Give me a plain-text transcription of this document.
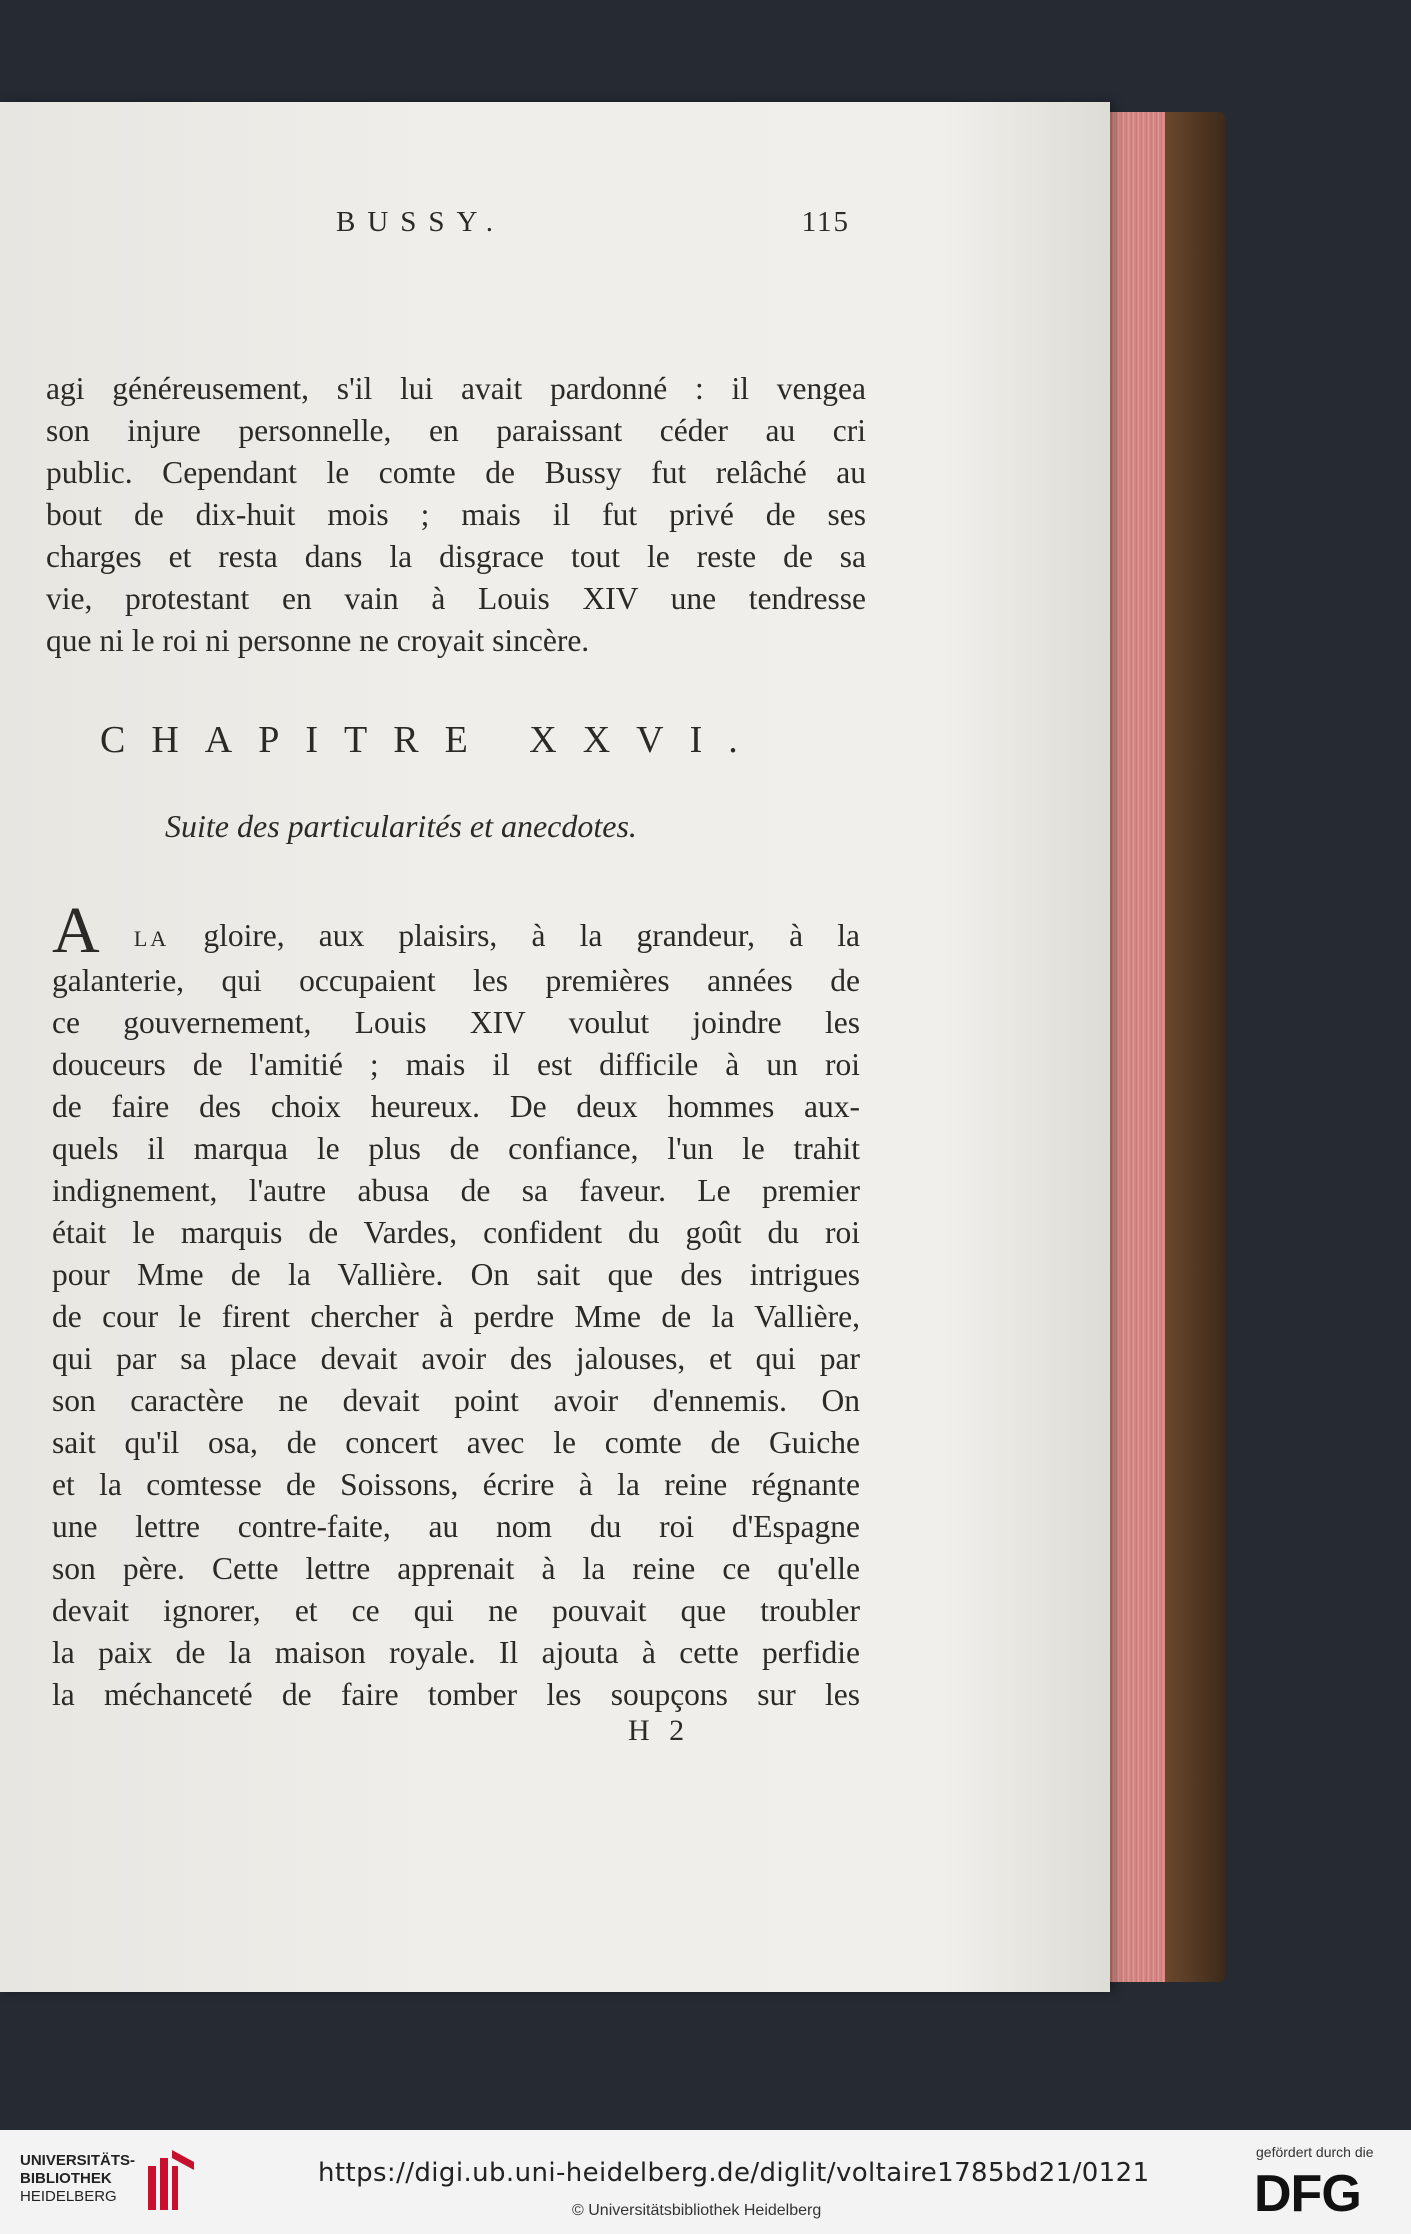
BUSSY.	115
agi généreusement, s'il lui avait pardonné : il vengea
son injure personnelle, en paraissant céder au cri
public. Cependant le comte de Bussy fut relâché au
bout de dix-huit mois ; mais il fut privé de ses
charges et resta dans la disgrace tout le reste de sa
vie, protestant en vain à Louis XIV une tendresse
que ni le roi ni personne ne croyait sincère.
CHAPITRE XXVI.
Suite des particularités et anecdotes.
A LA gloire, aux plaisirs, à la grandeur, à la
galanterie, qui occupaient les premières années de
ce gouvernement, Louis XIV voulut joindre les
douceurs de l'amitié ; mais il est difficile à un roi
de faire des choix heureux. De deux hommes aux-
quels il marqua le plus de confiance, l'un le trahit
indignement, l'autre abusa de sa faveur. Le premier
était le marquis de Vardes, confident du goût du roi
pour Mme de la Vallière. On sait que des intrigues
de cour le firent chercher à perdre Mme de la Vallière,
qui par sa place devait avoir des jalouses, et qui par
son caractère ne devait point avoir d'ennemis. On
sait qu'il osa, de concert avec le comte de Guiche
et la comtesse de Soissons, écrire à la reine régnante
une lettre contre-faite, au nom du roi d'Espagne
son père. Cette lettre apprenait à la reine ce qu'elle
devait ignorer, et ce qui ne pouvait que troubler
la paix de la maison royale. Il ajouta à cette perfidie
la méchanceté de faire tomber les soupçons sur les
H 2
UNIVERSITÄTS-
BIBLIOTHEK
HEIDELBERG
https://digi.ub.uni-heidelberg.de/diglit/voltaire1785bd21/0121
© Universitätsbibliothek Heidelberg
gefördert durch die
DFG
